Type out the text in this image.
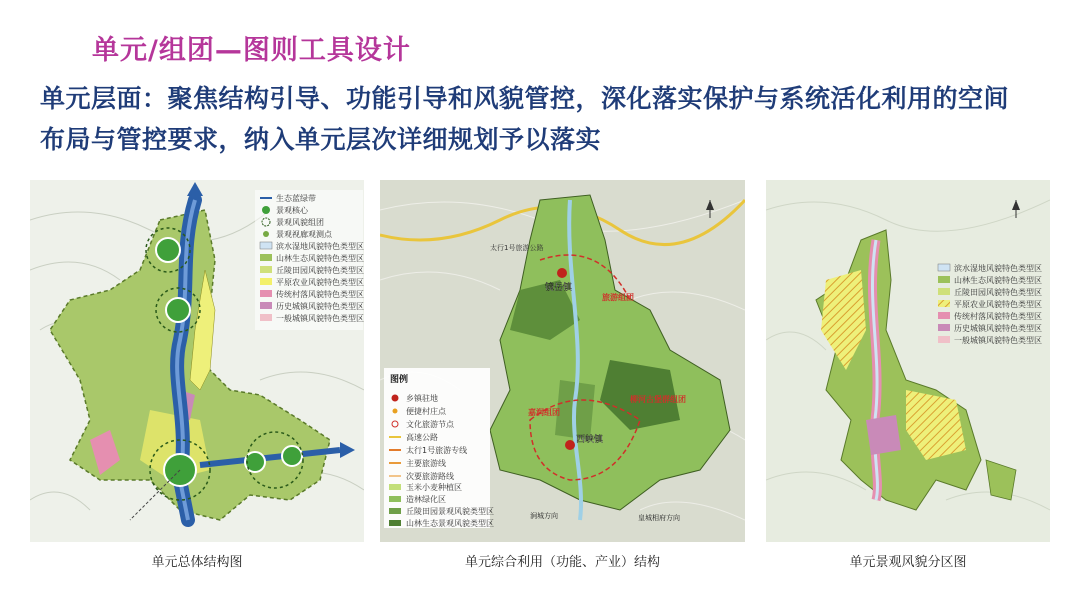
单元/组团—图则工具设计
单元层面：聚焦结构引导、功能引导和风貌管控，深化落实保护与系统活化利用的空间
布局与管控要求，纳入单元层次详细规划予以落实
生态蓝绿带
景观核心
景观风貌组团
景观视廊观测点
滨水湿地风貌特色类型区
山林生态风貌特色类型区
丘陵田园风貌特色类型区
平原农业风貌特色类型区
传统村落风貌特色类型区
历史城镇风貌特色类型区
一般城镇风貌特色类型区
镜岳镇
西峡镇
太行1号旅游公路
旅游组团
嘉润组团
柳河古堡群组团
涧城方向	皇城相府方向
图例
乡镇驻地
便捷村庄点
文化旅游节点
高速公路
太行1号旅游专线
主要旅游线
次要旅游路线
玉米小麦种植区
造林绿化区
丘陵田园景观风貌类型区
山林生态景观风貌类型区
滨水湿地风貌特色类型区
山林生态风貌特色类型区
丘陵田园风貌特色类型区
平原农业风貌特色类型区
传统村落风貌特色类型区
历史城镇风貌特色类型区
一般城镇风貌特色类型区
单元总体结构图	单元综合利用（功能、产业）结构	单元景观风貌分区图
